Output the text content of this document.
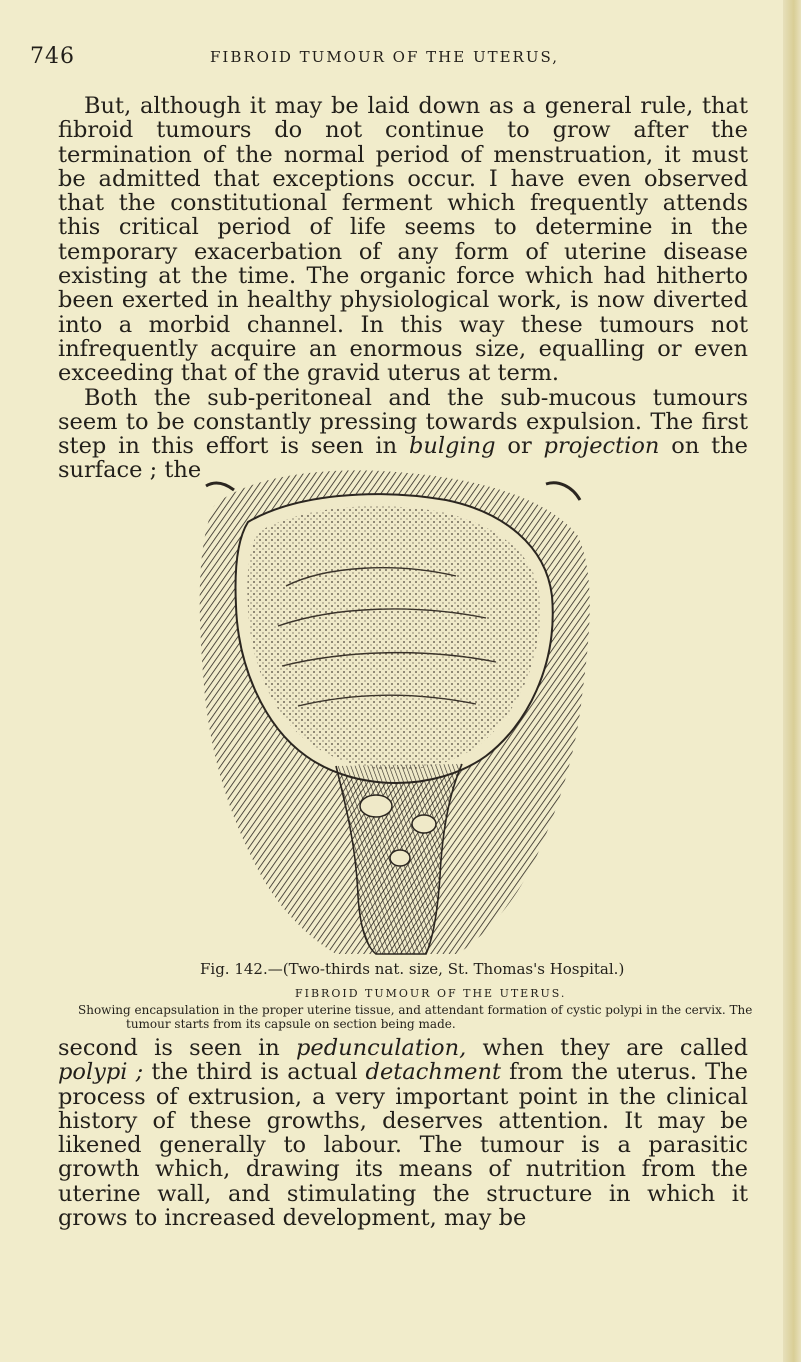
746	FIBROID TUMOUR OF THE UTERUS,

But, although it may be laid down as a general rule, that fibroid tumours do not continue to grow after the termination of the normal period of menstruation, it must be admitted that exceptions occur. I have even observed that the constitutional ferment which frequently attends this critical period of life seems to determine in the temporary exacerbation of any form of uterine disease existing at the time. The organic force which had hitherto been exerted in healthy physiological work, is now diverted into a morbid channel. In this way these tumours not infrequently acquire an enormous size, equalling or even exceeding that of the gravid uterus at term.

Both the sub-peritoneal and the sub-mucous tumours seem to be constantly pressing towards expulsion. The first step in this effort is seen in bulging or projection on the surface ; the

Fig. 142.—(Two-thirds nat. size, St. Thomas's Hospital.)
FIBROID TUMOUR OF THE UTERUS.
Showing encapsulation in the proper uterine tissue, and attendant formation of cystic polypi in the cervix. The tumour starts from its capsule on section being made.

second is seen in pedunculation, when they are called polypi ; the third is actual detachment from the uterus. The process of extrusion, a very important point in the clinical history of these growths, deserves attention. It may be likened generally to labour. The tumour is a parasitic growth which, drawing its means of nutrition from the uterine wall, and stimulating the structure in which it grows to increased development, may be
